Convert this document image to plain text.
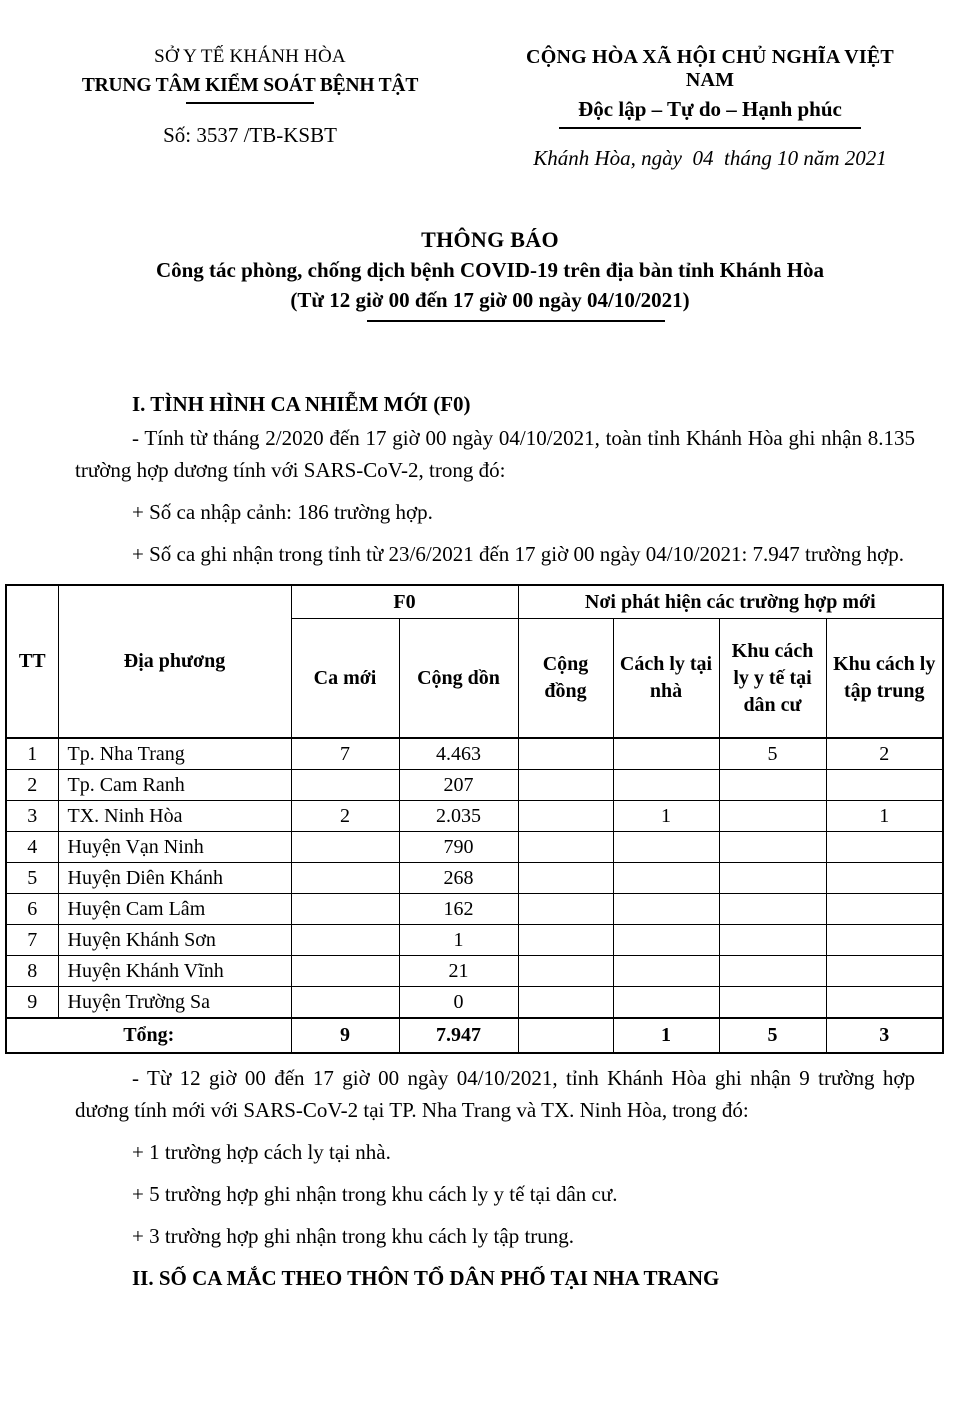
SỞ Y TẾ KHÁNH HÒA
TRUNG TÂM KIỂM SOÁT BỆNH TẬT
Số: 3537 /TB-KSBT
CỘNG HÒA XÃ HỘI CHỦ NGHĨA VIỆT NAM
Độc lập – Tự do – Hạnh phúc
Khánh Hòa, ngày  04  tháng 10 năm 2021
THÔNG BÁO
Công tác phòng, chống dịch bệnh COVID-19 trên địa bàn tỉnh Khánh Hòa
(Từ 12 giờ 00 đến 17 giờ 00 ngày 04/10/2021)

I. TÌNH HÌNH CA NHIỄM MỚI (F0)

- Tính từ tháng 2/2020 đến 17 giờ 00 ngày 04/10/2021, toàn tỉnh Khánh Hòa ghi nhận 8.135 trường hợp dương tính với SARS-CoV-2, trong đó:

+ Số ca nhập cảnh: 186 trường hợp.

+ Số ca ghi nhận trong tỉnh từ 23/6/2021 đến 17 giờ 00 ngày 04/10/2021: 7.947 trường hợp.

TT	Địa phương	F0		Nơi phát hiện các trường hợp mới			
		Ca mới	Cộng dồn	Cộng đồng	Cách ly tại nhà	Khu cách ly y tế tại dân cư	Khu cách ly tập trung
1	Tp. Nha Trang	7	4.463			5	2
2	Tp. Cam Ranh		207				
3	TX. Ninh Hòa	2	2.035		1		1
4	Huyện Vạn Ninh		790				
5	Huyện Diên Khánh		268				
6	Huyện Cam Lâm		162				
7	Huyện Khánh Sơn		1				
8	Huyện Khánh Vĩnh		21				
9	Huyện Trường Sa		0				
Tổng:		9	7.947		1	5	3

- Từ 12 giờ 00 đến 17 giờ 00 ngày 04/10/2021, tỉnh Khánh Hòa ghi nhận 9 trường hợp dương tính mới với SARS-CoV-2 tại TP. Nha Trang và TX. Ninh Hòa, trong đó:

+ 1 trường hợp cách ly tại nhà.

+ 5 trường hợp ghi nhận trong khu cách ly y tế tại dân cư.

+ 3 trường hợp ghi nhận trong khu cách ly tập trung.

II. SỐ CA MẮC THEO THÔN TỔ DÂN PHỐ TẠI NHA TRANG
